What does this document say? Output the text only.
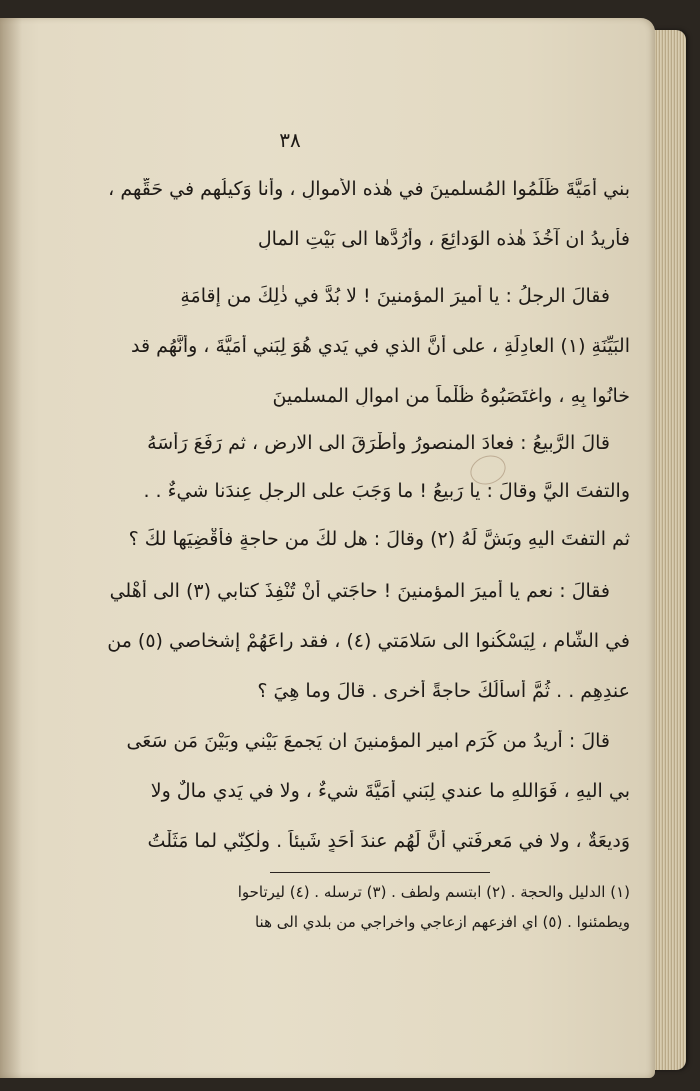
٣٨
بني أُمَيَّةَ ظَلَمُوا المُسلمينَ في هٰذه الأَموالِ ، وأنا وَكيلُهم في حَقِّهِم ،
فأُريدُ ان آخُذَ هٰذه الوَدائِعَ ، وأَرُدَّها الى بَيْتِ المالِ
فقالَ الرجلُ : يا أَميرَ المؤمنينَ ! لا بُدَّ في ذٰلِكَ من إِقامَةِ
البَيِّنَةِ (١) العادِلَةِ ، على أَنَّ الذي في يَدي هُوَ لِبَني أُمَيَّةَ ، وأَنَّهُم قد
خانُوا بِهِ ، واغتَصَبُوهُ ظُلْماً من اموالِ المسلمينَ
قالَ الرَّبيعُ : فعادَ المنصورُ وأطْرَقَ الى الارضِ ، ثم رَفَعَ رَأسَهُ
والتفتَ اليَّ وقالَ : يا رَبيعُ ! ما وَجَبَ على الرجلِ عِندَنا شيءٌ . .
ثم التفتَ اليهِ وبَشَّ لَهُ (٢) وقالَ : هل لكَ من حاجةٍ فأَقْضِيَها لكَ ؟
فقالَ : نعم يا أَميرَ المؤمنينَ ! حاجَتي أَنْ تُنْفِذَ كتابي (٣) الى أَهْلي
في الشّامِ ، لِيَسْكُنوا الى سَلامَتي (٤) ، فقد راعَهُمْ إِشخاصي (٥) من
عندِهِم . . ثُمَّ أَسأَلُكَ حاجةً أُخرى . قالَ وما هِيَ ؟
قالَ : أُريدُ من كَرَمِ اميرِ المؤمنينَ ان يَجمعَ بَيْني وبَيْنَ مَن سَعَى
بي اليهِ ، فَوَاللهِ ما عندي لِبَني أُمَيَّةَ شيءٌ ، ولا في يَدي مالٌ ولا
وَديعَةٌ ، ولا في مَعرِفَتي أَنَّ لَهُم عندَ أَحَدٍ شَيئاً . ولٰكِنّي لما مَثَلْتُ
(١) الدليل والحجة . (٢) ابتسم ولطف . (٣) ترسله . (٤) ليرتاحوا
ويطمئنوا . (٥) اي افزعهم ازعاجي واخراجي من بلدي الى هنا
